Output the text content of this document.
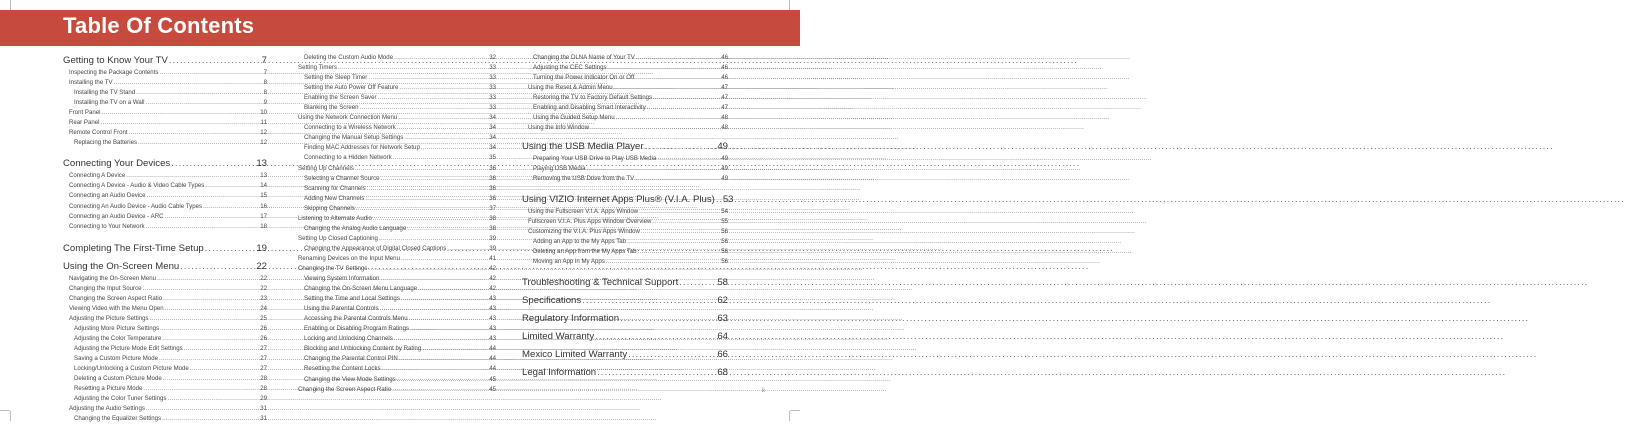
Table Of Contents
Getting to Know Your TV .....	7
Inspecting the Package Contents .....	7
Installing the TV .....	8
Installing the TV Stand .....	8
Installing the TV on a Wall .....	9
Front Panel .....	10
Rear Panel .....	11
Remote Control Front .....	12
Replacing the Batteries .....	12
Connecting Your Devices .....	13
Connecting A Device .....	13
Connecting A Device - Audio & Video Cable Types .....	14
Connecting an Audio Device .....	15
Connecting An Audio Device - Audio Cable Types .....	16
Connecting an Audio Device - ARC .....	17
Connecting to Your Network .....	18
Completing The First-Time Setup .....	19
Using the On-Screen Menu .....	22
Navigating the On-Screen Menu .....	22
Changing the Input Source .....	22
Changing the Screen Aspect Ratio .....	23
Viewing Video with the Menu Open .....	24
Adjusting the Picture Settings .....	25
Adjusting More Picture Settings .....	26
Adjusting the Color Temperature .....	26
Adjusting the Picture Mode Edit Settings .....	27
Saving a Custom Picture Mode .....	27
Locking/Unlocking a Custom Picture Mode .....	27
Deleting a Custom Picture Mode .....	28
Resetting a Picture Mode .....	28
Adjusting the Color Tuner Settings .....	29
Adjusting the Audio Settings .....	31
Changing the Equalizer Settings .....	31
Deleting the Custom Audio Mode .....	32
Setting Timers .....	33
Setting the Sleep Timer .....	33
Setting the Auto Power Off Feature .....	33
Enabling the Screen Saver .....	33
Blanking the Screen .....	33
Using the Network Connection Menu .....	34
Connecting to a Wireless Network .....	34
Changing the Manual Setup Settings .....	34
Finding MAC Addresses for Network Setup .....	34
Connecting to a Hidden Network .....	35
Setting Up Channels .....	36
Selecting a Channel Source .....	36
Scanning for Channels .....	36
Adding New Channels .....	36
Skipping Channels .....	37
Listening to Alternate Audio .....	38
Changing the Analog Audio Language .....	38
Setting Up Closed Captioning .....	39
Changing the Appearance of Digital Closed Captions .....	39
Renaming Devices on the Input Menu .....	41
Changing the TV Settings .....	42
Viewing System Information .....	42
Changing the On-Screen Menu Language .....	42
Setting the Time and Local Settings .....	43
Using the Parental Controls .....	43
Accessing the Parental Controls Menu .....	43
Enabling or Disabling Program Ratings .....	43
Locking and Unlocking Channels .....	43
Blocking and Unblocking Content by Rating .....	44
Changing the Parental Control PIN .....	44
Resetting the Content Locks .....	44
Changing the View Mode Settings .....	45
Changing the Screen Aspect Ratio .....	45
Changing the DLNA Name of Your TV .....	46
Adjusting the CEC Settings .....	46
Turning the Power Indicator On or Off .....	46
Using the Reset & Admin Menu .....	47
Restoring the TV to Factory Default Settings .....	47
Enabling and Disabling Smart Interactivity .....	47
Using the Guided Setup Menu .....	48
Using the Info Window .....	48
Using the USB Media Player .....	49
Preparing Your USB Drive to Play USB Media .....	49
Playing USB Media .....	49
Removing the USB Drive from the TV .....	49
Using VIZIO Internet Apps Plus® (V.I.A. Plus) ..... 53
Using the Fullscreen V.I.A. Apps Window .....	54
Fullscreen V.I.A. Plus Apps Window Overview .....	55
Customizing the V.I.A. Plus Apps Window .....	56
Adding an App to the My Apps Tab .....	56
Deleting an App from the My Apps Tab .....	56
Moving an App in My Apps .....	56
Troubleshooting & Technical Support .....	58
Specifications .....	62
Regulatory Information .....	63
Limited Warranty .....	64
Mexico Limited Warranty .....	66
Legal Information .....	68
ii
